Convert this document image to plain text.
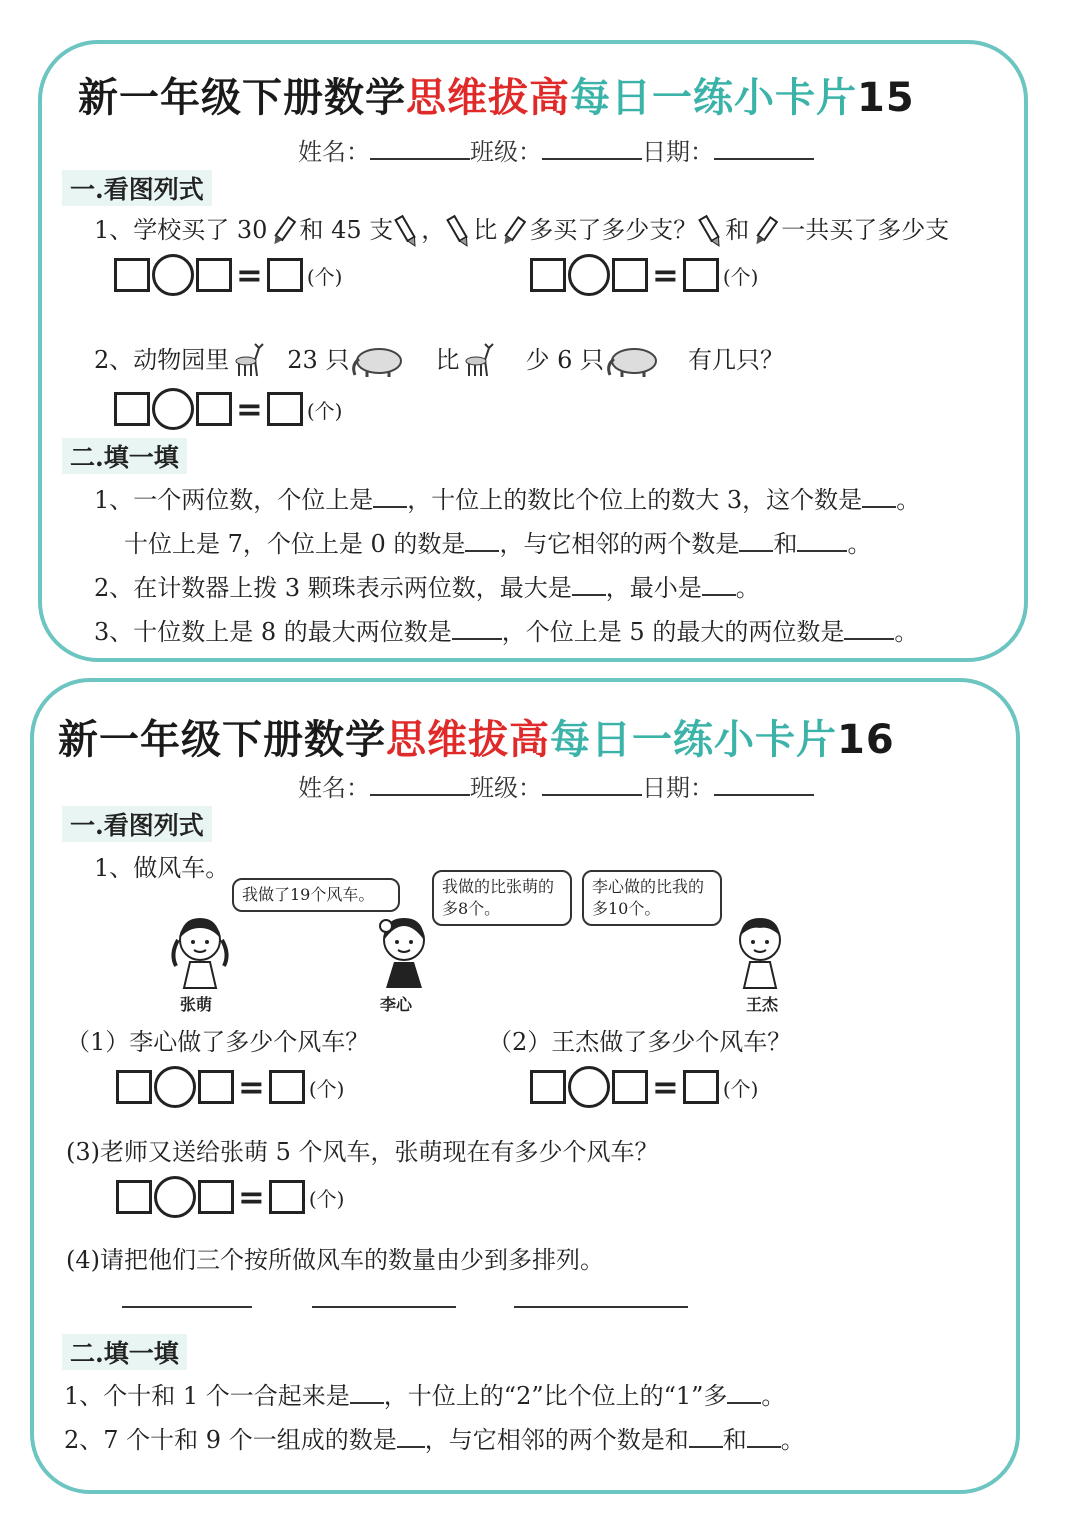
新一年级下册数学思维拔高每日一练小卡片15
姓名：	班级：	日期：
一.看图列式
1、学校买了 30 和 45 支 ， 比 多买了多少支？ 和 一共买了多少支
= (个)	= (个)
2、动物园里 23 只	比	少 6 只	有几只？
= (个)
二.填一填
1、一个两位数，个位上是 ，十位上的数比个位上的数大 3，这个数是 。
十位上是 7，个位上是 0 的数是 ，与它相邻的两个数是 和 。
2、在计数器上拨 3 颗珠表示两位数，最大是 ，最小是 。
3、十位数上是 8 的最大两位数是 ，个位上是 5 的最大的两位数是 。
新一年级下册数学思维拔高每日一练小卡片16
姓名：	班级：	日期：
一.看图列式
1、做风车。
我做了19个风车。	我做的比张萌的多8个。
李心做的比我的多10个。
张萌	李心	王杰
（1）李心做了多少个风车？	（2）王杰做了多少个风车？
= (个)	= (个)
(3)老师又送给张萌 5 个风车，张萌现在有多少个风车？
= (个)
(4)请把他们三个按所做风车的数量由少到多排列。
二.填一填
1、个十和 1 个一合起来是 ，十位上的“2”比个位上的“1”多 。
2、7 个十和 9 个一组成的数是 ，与它相邻的两个数是和 和 。
